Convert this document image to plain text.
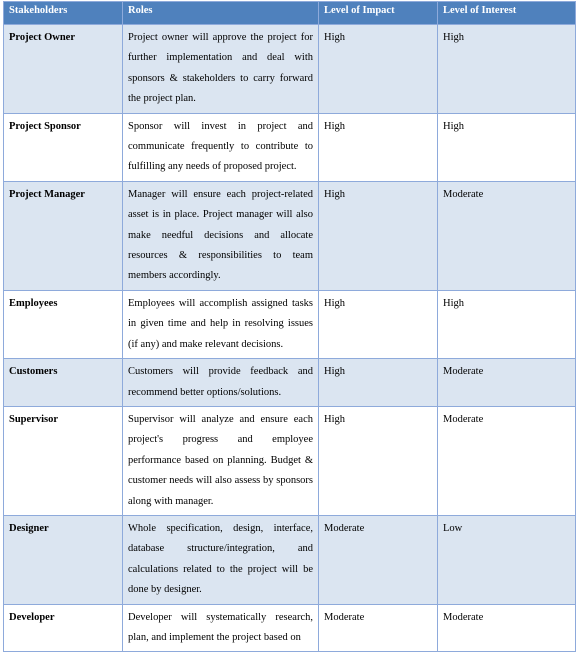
Stakeholders	Roles	Level of Impact	Level of Interest
Project Owner	Project owner will approve the project for further implementation and deal with sponsors & stakeholders to carry forward the project plan.	High	High
Project Sponsor	Sponsor will invest in project and communicate frequently to contribute to fulfilling any needs of proposed project.	High	High
Project Manager	Manager will ensure each project-related asset is in place. Project manager will also make needful decisions and allocate resources & responsibilities to team members accordingly.	High	Moderate
Employees	Employees will accomplish assigned tasks in given time and help in resolving issues (if any) and make relevant decisions.	High	High
Customers	Customers will provide feedback and recommend better options/solutions.	High	Moderate
Supervisor	Supervisor will analyze and ensure each project's progress and employee performance based on planning. Budget & customer needs will also assess by sponsors along with manager.	High	Moderate
Designer	Whole specification, design, interface, database structure/integration, and calculations related to the project will be done by designer.	Moderate	Low
Developer	Developer will systematically research, plan, and implement the project based on	Moderate	Moderate
